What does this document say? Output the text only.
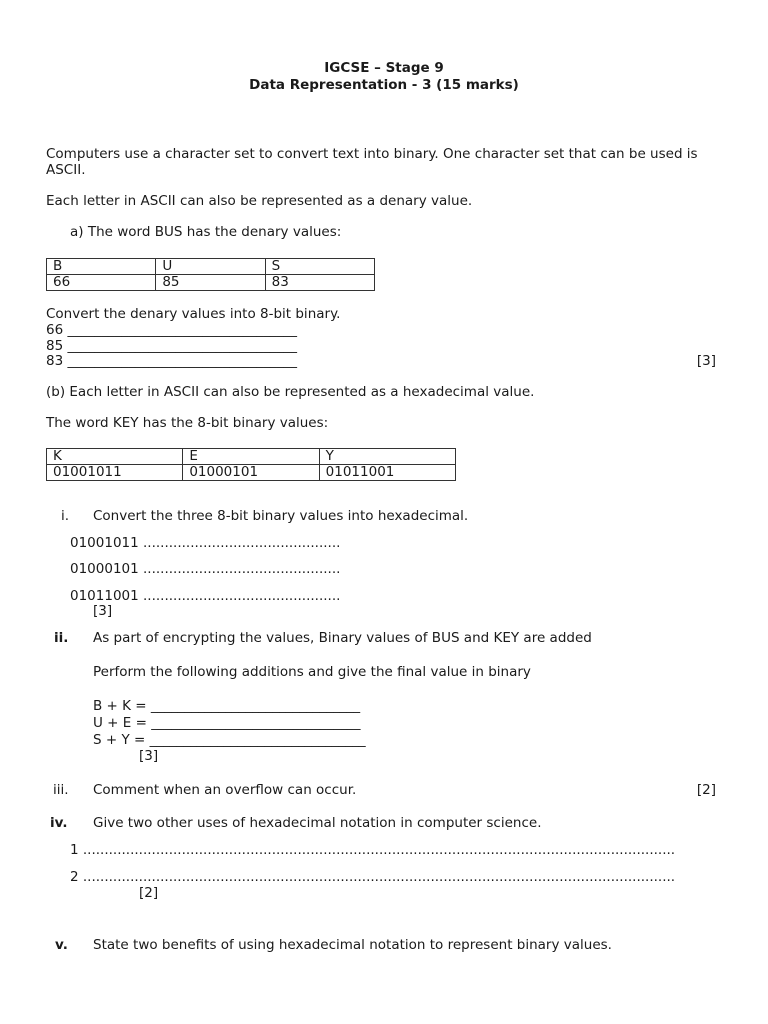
IGCSE – Stage 9
Data Representation - 3 (15 marks)
Computers use a character set to convert text into binary. One character set that can be used is ASCII.
Each letter in ASCII can also be represented as a denary value.
a) The word BUS has the denary values:
B	U	S
66	85	83
Convert the denary values into 8-bit binary.
66 __________________________________
85 __________________________________
83 __________________________________	[3]
(b) Each letter in ASCII can also be represented as a hexadecimal value.
The word KEY has the 8-bit binary values:
K	E	Y
01001011	01000101	01011001
i. Convert the three 8-bit binary values into hexadecimal.
01001011 ..............................................
01000101 ..............................................
01011001 ..............................................
[3]
ii. As part of encrypting the values, Binary values of BUS and KEY are added
Perform the following additions and give the final value in binary
B + K = _______________________________
U + E = _______________________________
S + Y = ________________________________
[3]
iii. Comment when an overflow can occur.	[2]
iv. Give two other uses of hexadecimal notation in computer science.
1 ..........................................................................................................................................
2 ..........................................................................................................................................
[2]
v. State two benefits of using hexadecimal notation to represent binary values.
